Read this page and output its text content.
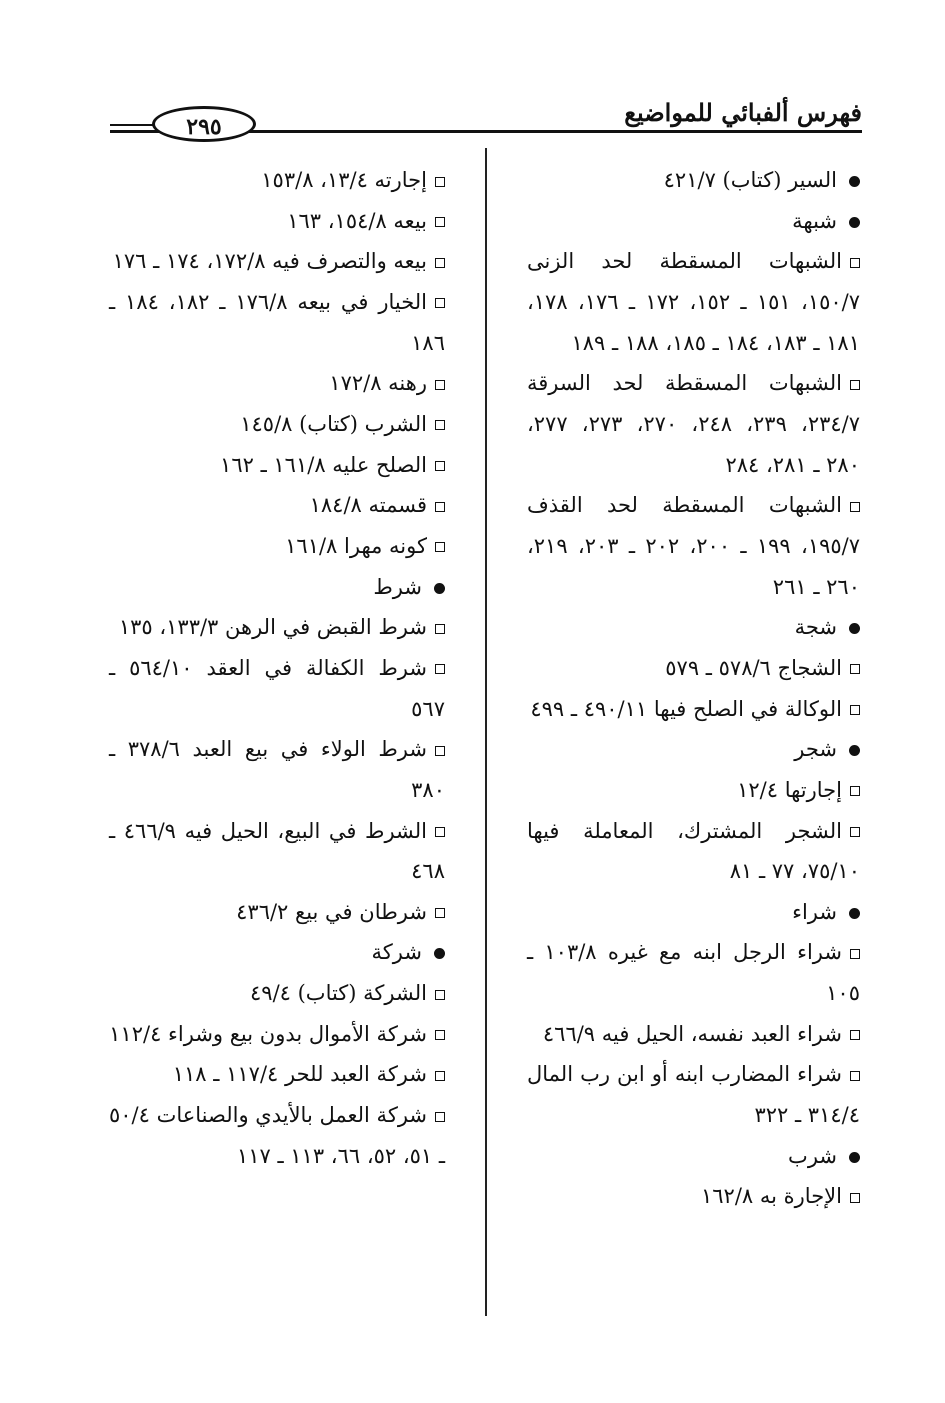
٢٩٥	فهرس ألفبائي للمواضيع
السير (كتاب) ٤٢١/٧
شبهة
الشبهات المسقطة لحد الزنى ١٥٠/٧، ١٥١ ـ ١٥٢، ١٧٢ ـ ١٧٦، ١٧٨، ١٨١ ـ ١٨٣، ١٨٤ ـ ١٨٥، ١٨٨ ـ ١٨٩
الشبهات المسقطة لحد السرقة ٢٣٤/٧، ٢٣٩، ٢٤٨، ٢٧٠، ٢٧٣، ٢٧٧، ٢٨٠ ـ ٢٨١، ٢٨٤
الشبهات المسقطة لحد القذف ١٩٥/٧، ١٩٩ ـ ٢٠٠، ٢٠٢ ـ ٢٠٣، ٢١٩، ٢٦٠ ـ ٢٦١
شجة
الشجاج ٥٧٨/٦ ـ ٥٧٩
الوكالة في الصلح فيها ٤٩٠/١١ ـ ٤٩٩
شجر
إجارتها ١٢/٤
الشجر المشترك، المعاملة فيها ٧٥/١٠، ٧٧ ـ ٨١
شراء
شراء الرجل ابنه مع غيره ١٠٣/٨ ـ ١٠٥
شراء العبد نفسه، الحيل فيه ٤٦٦/٩
شراء المضارب ابنه أو ابن رب المال ٣١٤/٤ ـ ٣٢٢
شرب
الإجارة به ١٦٢/٨
إجارته ١٣/٤، ١٥٣/٨
بيعه ١٥٤/٨، ١٦٣
بيعه والتصرف فيه ١٧٢/٨، ١٧٤ ـ ١٧٦
الخيار في بيعه ١٧٦/٨ ـ ١٨٢، ١٨٤ ـ ١٨٦
رهنه ١٧٢/٨
الشرب (كتاب) ١٤٥/٨
الصلح عليه ١٦١/٨ ـ ١٦٢
قسمته ١٨٤/٨
كونه مهرا ١٦١/٨
شرط
شرط القبض في الرهن ١٣٣/٣، ١٣٥
شرط الكفالة في العقد ٥٦٤/١٠ ـ ٥٦٧
شرط الولاء في بيع العبد ٣٧٨/٦ ـ ٣٨٠
الشرط في البيع، الحيل فيه ٤٦٦/٩ ـ ٤٦٨
شرطان في بيع ٤٣٦/٢
شركة
الشركة (كتاب) ٤٩/٤
شركة الأموال بدون بيع وشراء ١١٢/٤
شركة العبد للحر ١١٧/٤ ـ ١١٨
شركة العمل بالأيدي والصناعات ٥٠/٤ ـ ٥١، ٥٢، ٦٦، ١١٣ ـ ١١٧
